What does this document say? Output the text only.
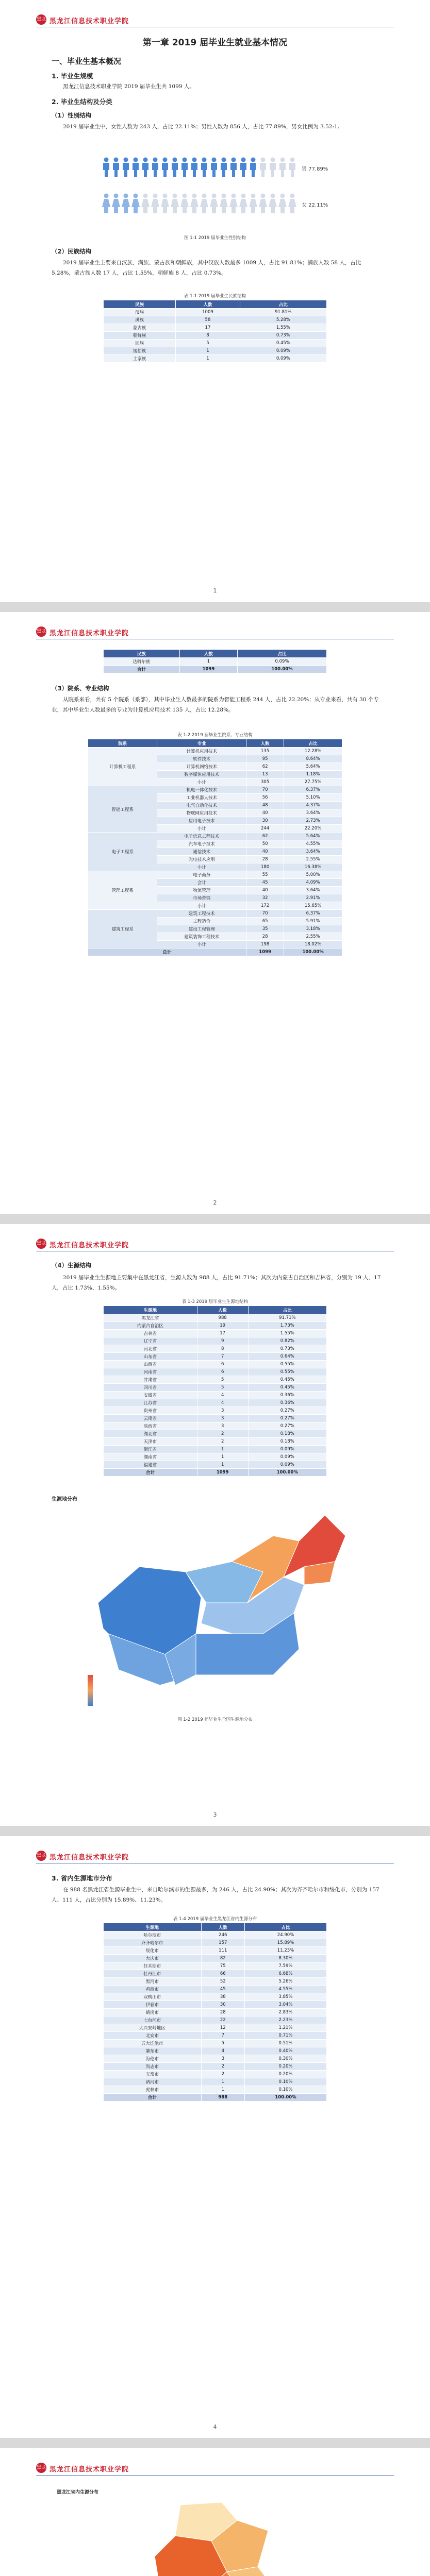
黑龙 黑龙江信息技术职业学院
第一章 2019 届毕业生就业基本情况
一、毕业生基本概况
1. 毕业生规模

黑龙江信息技术职业学院 2019 届毕业生共 1099 人。

2. 毕业生结构及分类
（1）性别结构

2019 届毕业生中，女性人数为 243 人，占比 22.11%；男性人数为 856 人，占比 77.89%，男女比例为 3.52:1。

男 77.89%
女 22.11%
图 1-1 2019 届毕业生性别结构
（2）民族结构

2019 届毕业生主要来自汉族，满族、蒙古族和朝鲜族，其中汉族人数最多 1009 人，占比 91.81%；满族人数 58 人，占比 5.28%，蒙古族人数 17 人，占比 1.55%，朝鲜族 8 人，占比 0.73%。

表 1-1 2019 届毕业生民族结构
民族	人数	占比
汉族	1009	91.81%
满族	58	5.28%
蒙古族	17	1.55%
朝鲜族	8	0.73%
回族	5	0.45%
锡伯族	1	0.09%
土家族	1	0.09%
1
黑龙 黑龙江信息技术职业学院
民族	人数	占比
达斡尔族	1	0.09%
合计	1099	100.00%
（3）院系、专业结构

从院系来看，共有 5 个院系（系部），其中毕业生人数最多的院系为智能工程系 244 人，占比 22.20%；从专业来看，共有 30 个专业，其中毕业生人数最多的专业为计算机应用技术 135 人，占比 12.28%。

表 1-2 2019 届毕业生院系、专业结构
院系	专业	人数	占比
计算机工程系	计算机应用技术	135	12.28%
	软件技术	95	8.64%
	计算机网络技术	62	5.64%
	数字媒体应用技术	13	1.18%
	小计	305	27.75%
智能工程系	机电一体化技术	70	6.37%
	工业机器人技术	56	5.10%
	电气自动化技术	48	4.37%
	物联网应用技术	40	3.64%
	应用电子技术	30	2.73%
	小计	244	22.20%
电子工程系	电子信息工程技术	62	5.64%
	汽车电子技术	50	4.55%
	通信技术	40	3.64%
	光电技术应用	28	2.55%
	小计	180	16.38%
管理工程系	电子商务	55	5.00%
	会计	45	4.09%
	物流管理	40	3.64%
	市场营销	32	2.91%
	小计	172	15.65%
建筑工程系	建筑工程技术	70	6.37%
	工程造价	65	5.91%
	建设工程管理	35	3.18%
	建筑装饰工程技术	28	2.55%
	小计	198	18.02%
总计		1099	100.00%
2
黑龙 黑龙江信息技术职业学院
（4）生源结构

2019 届毕业生生源地主要集中在黑龙江省，生源人数为 988 人，占比 91.71%；其次为内蒙古自治区和吉林省，分别为 19 人、17 人，占比 1.73%、1.55%。

表 1-3 2019 届毕业生生源地结构
生源地	人数	占比
黑龙江省	988	91.71%
内蒙古自治区	19	1.73%
吉林省	17	1.55%
辽宁省	9	0.82%
河北省	8	0.73%
山东省	7	0.64%
山西省	6	0.55%
河南省	6	0.55%
甘肃省	5	0.45%
四川省	5	0.45%
安徽省	4	0.36%
江苏省	4	0.36%
贵州省	3	0.27%
云南省	3	0.27%
陕西省	3	0.27%
湖北省	2	0.18%
天津市	2	0.18%
浙江省	1	0.09%
湖南省	1	0.09%
福建省	1	0.09%
合计	1099	100.00%
生源地分布
图 1-2 2019 届毕业生全国生源地分布
3
黑龙 黑龙江信息技术职业学院
3. 省内生源地市分布

在 988 名黑龙江省生源毕业生中，来自哈尔滨市的生源最多，为 246 人，占比 24.90%；其次为齐齐哈尔市和绥化市，分别为 157 人、111 人，占比分别为 15.89%、11.23%。

表 1-4 2019 届毕业生黑龙江省内生源分布
生源地	人数	占比
哈尔滨市	246	24.90%
齐齐哈尔市	157	15.89%
绥化市	111	11.23%
大庆市	82	8.30%
佳木斯市	75	7.59%
牡丹江市	66	6.68%
黑河市	52	5.26%
鸡西市	45	4.55%
双鸭山市	38	3.85%
伊春市	30	3.04%
鹤岗市	28	2.83%
七台河市	22	2.23%
大兴安岭地区	12	1.21%
北安市	7	0.71%
五大连池市	5	0.51%
肇东市	4	0.40%
海伦市	3	0.30%
尚志市	2	0.20%
五常市	2	0.20%
讷河市	1	0.10%
虎林市	1	0.10%
合计	988	100.00%
4
黑龙 黑龙江信息技术职业学院
黑龙江省内生源分布
